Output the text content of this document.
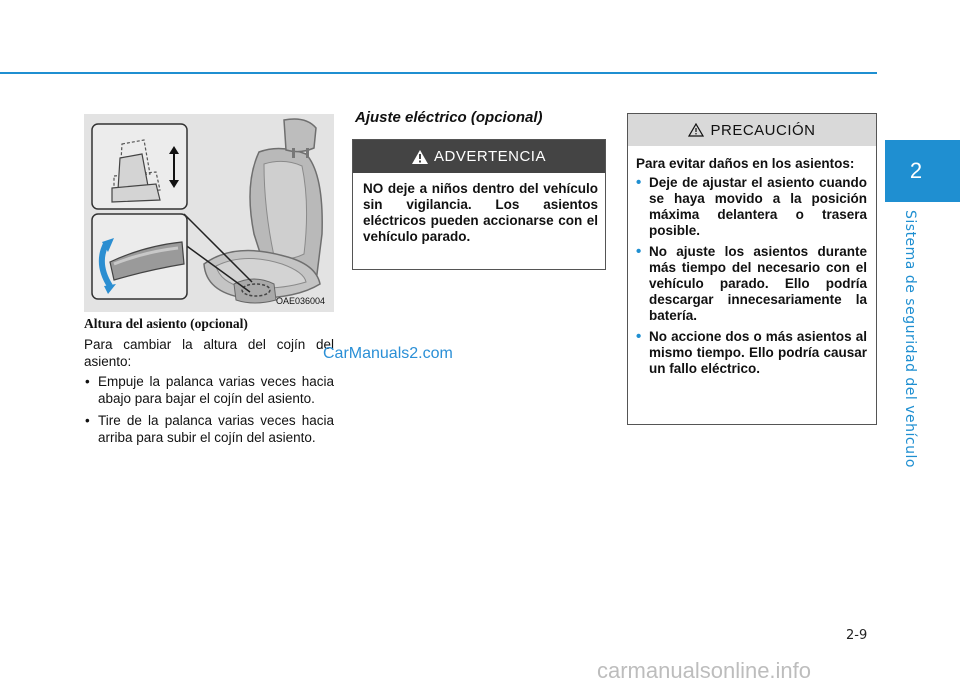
2
Sistema de seguridad del vehículo
OAE036004
Altura del asiento (opcional)

Para cambiar la altura del cojín del asiento:

• Empuje la palanca varias veces hacia abajo para bajar el cojín del asiento.
• Tire de la palanca varias veces hacia arriba para subir el cojín del asiento.
Ajuste eléctrico (opcional)
ADVERTENCIA
NO deje a niños dentro del vehículo sin vigilancia. Los asientos eléctricos pueden accionarse con el vehículo parado.
PRECAUCIÓN

Para evitar daños en los asientos:

• Deje de ajustar el asiento cuando se haya movido a la posición máxima delantera o trasera posible.
• No ajuste los asientos durante más tiempo del necesario con el vehículo parado. Ello podría descargar innecesariamente la batería.
• No accione dos o más asientos al mismo tiempo. Ello podría causar un fallo eléctrico.
2-9
CarManuals2.com
carmanualsonline.info
